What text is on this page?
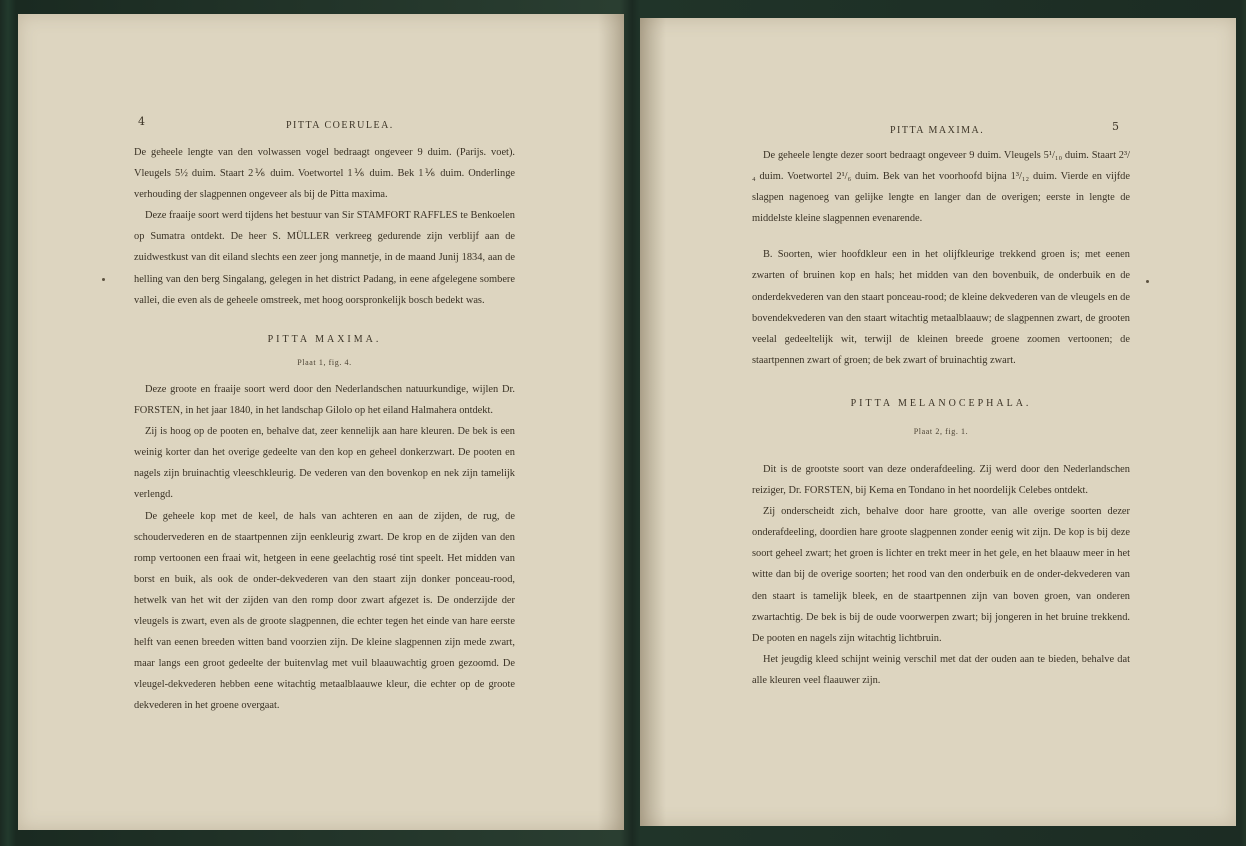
4	PITTA COERULEA.

De geheele lengte van den volwassen vogel bedraagt ongeveer 9 duim. (Parijs. voet). Vleugels 5½ duim. Staart 2⅙ duim. Voetwortel 1⅙ duim. Bek 1⅙ duim. Onderlinge verhouding der slagpennen ongeveer als bij de Pitta maxima.

Deze fraaije soort werd tijdens het bestuur van Sir STAMFORT RAFFLES te Benkoelen op Sumatra ontdekt. De heer S. MÜLLER verkreeg gedurende zijn verblijf aan de zuidwestkust van dit eiland slechts een zeer jong mannetje, in de maand Junij 1834, aan de helling van den berg Singalang, gelegen in het district Padang, in eene afgelegene sombere vallei, die even als de geheele omstreek, met hoog oorspronkelijk bosch bedekt was.

PITTA MAXIMA.
Plaat 1, fig. 4.

Deze groote en fraaije soort werd door den Nederlandschen natuurkundige, wijlen Dr. FORSTEN, in het jaar 1840, in het landschap Gilolo op het eiland Halmahera ontdekt.

Zij is hoog op de pooten en, behalve dat, zeer kennelijk aan hare kleuren. De bek is een weinig korter dan het overige gedeelte van den kop en geheel donkerzwart. De pooten en nagels zijn bruinachtig vleeschkleurig. De vederen van den bovenkop en nek zijn tamelijk verlengd.

De geheele kop met de keel, de hals van achteren en aan de zijden, de rug, de schoudervederen en de staartpennen zijn eenkleurig zwart. De krop en de zijden van den romp vertoonen een fraai wit, hetgeen in eene geelachtig rosé tint speelt. Het midden van borst en buik, als ook de onder-dekvederen van den staart zijn donker ponceau-rood, hetwelk van het wit der zijden van den romp door zwart afgezet is. De onderzijde der vleugels is zwart, even als de groote slagpennen, die echter tegen het einde van hare eerste helft van eenen breeden witten band voorzien zijn. De kleine slagpennen zijn mede zwart, maar langs een groot gedeelte der buitenvlag met vuil blaauwachtig groen gezoomd. De vleugel-dekvederen hebben eene witachtig metaalblaauwe kleur, die echter op de groote dekvederen in het groene overgaat.

PITTA MAXIMA.	5

De geheele lengte dezer soort bedraagt ongeveer 9 duim. Vleugels 5¹/₁₀ duim. Staart 2³/₄ duim. Voetwortel 2¹/₆ duim. Bek van het voorhoofd bijna 1³/₁₂ duim. Vierde en vijfde slagpen nagenoeg van gelijke lengte en langer dan de overigen; eerste in lengte de middelste kleine slagpennen evenarende.

B. Soorten, wier hoofdkleur een in het olijfkleurige trekkend groen is; met eenen zwarten of bruinen kop en hals; het midden van den bovenbuik, de onderbuik en de onderdekvederen van den staart ponceau-rood; de kleine dekvederen van de vleugels en de bovendekvederen van den staart witachtig metaalblaauw; de slagpennen zwart, de grooten veelal gedeeltelijk wit, terwijl de kleinen breede groene zoomen vertoonen; de staartpennen zwart of groen; de bek zwart of bruinachtig zwart.

PITTA MELANOCEPHALA.
Plaat 2, fig. 1.

Dit is de grootste soort van deze onderafdeeling. Zij werd door den Nederlandschen reiziger, Dr. FORSTEN, bij Kema en Tondano in het noordelijk Celebes ontdekt.

Zij onderscheidt zich, behalve door hare grootte, van alle overige soorten dezer onderafdeeling, doordien hare groote slagpennen zonder eenig wit zijn. De kop is bij deze soort geheel zwart; het groen is lichter en trekt meer in het gele, en het blaauw meer in het witte dan bij de overige soorten; het rood van den onderbuik en de onder-dekvederen van den staart is tamelijk bleek, en de staartpennen zijn van boven groen, van onderen zwartachtig. De bek is bij de oude voorwerpen zwart; bij jongeren in het bruine trekkend. De pooten en nagels zijn witachtig lichtbruin.

Het jeugdig kleed schijnt weinig verschil met dat der ouden aan te bieden, behalve dat alle kleuren veel flaauwer zijn.
